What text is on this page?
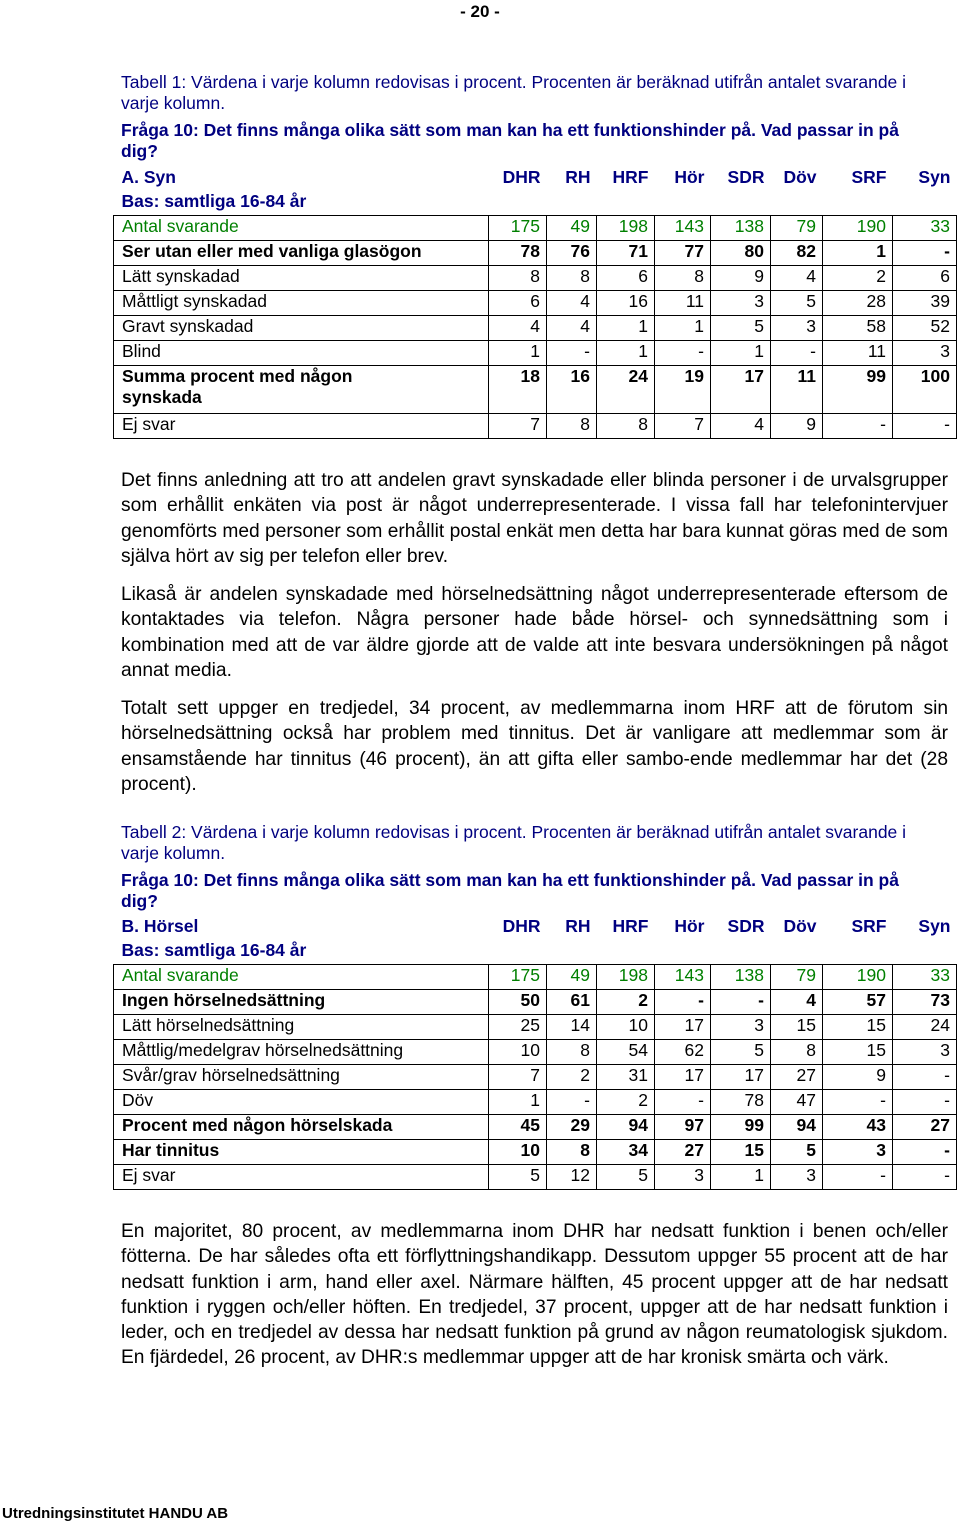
- 20 -
Tabell 1: Värdena i varje kolumn redovisas i procent. Procenten är beräknad utifrån antalet svarande i varje kolumn.
Fråga 10: Det finns många olika sätt som man kan ha ett funktionshinder på. Vad passar in på dig?
A. Syn	DHR	RH	HRF	Hör	SDR	Döv	SRF	Syn
Bas: samtliga 16-84 år								
Antal svarande	175	49	198	143	138	79	190	33
Ser utan eller med vanliga glasögon	78	76	71	77	80	82	1	-
Lätt synskadad	8	8	6	8	9	4	2	6
Måttligt synskadad	6	4	16	11	3	5	28	39
Gravt synskadad	4	4	1	1	5	3	58	52
Blind	1	-	1	-	1	-	11	3

Summa procent med någon synskada	18	16	24	19	17	11	99	100
Ej svar	7	8	8	7	4	9	-	-

Det finns anledning att tro att andelen gravt synskadade eller blinda personer i de urvalsgrupper som erhållit enkäten via post är något underrepresenterade. I vissa fall har telefonintervjuer genomförts med personer som erhållit postal enkät men detta har bara kunnat göras med de som själva hört av sig per telefon eller brev.

Likaså är andelen synskadade med hörselnedsättning något underrepresenterade eftersom de kontaktades via telefon. Några personer hade både hörsel- och synnedsättning som i kombination med att de var äldre gjorde att de valde att inte besvara undersökningen på något annat media.

Totalt sett uppger en tredjedel, 34 procent, av medlemmarna inom HRF att de förutom sin hörselnedsättning också har problem med tinnitus. Det är vanligare att medlemmar som är ensamstående har tinnitus (46 procent), än att gifta eller sambo-ende medlemmar har det (28 procent).

Tabell 2: Värdena i varje kolumn redovisas i procent. Procenten är beräknad utifrån antalet svarande i varje kolumn.
Fråga 10: Det finns många olika sätt som man kan ha ett funktionshinder på. Vad passar in på dig?
B. Hörsel	DHR	RH	HRF	Hör	SDR	Döv	SRF	Syn
Bas: samtliga 16-84 år								
Antal svarande	175	49	198	143	138	79	190	33
Ingen hörselnedsättning	50	61	2	-	-	4	57	73
Lätt hörselnedsättning	25	14	10	17	3	15	15	24
Måttlig/medelgrav hörselnedsättning	10	8	54	62	5	8	15	3
Svår/grav hörselnedsättning	7	2	31	17	17	27	9	-
Döv	1	-	2	-	78	47	-	-
Procent med någon hörselskada	45	29	94	97	99	94	43	27
Har tinnitus	10	8	34	27	15	5	3	-
Ej svar	5	12	5	3	1	3	-	-

En majoritet, 80 procent, av medlemmarna inom DHR har nedsatt funktion i benen och/eller fötterna. De har således ofta ett förflyttningshandikapp. Dessutom uppger 55 procent att de har nedsatt funktion i arm, hand eller axel. Närmare hälften, 45 procent uppger att de har nedsatt funktion i ryggen och/eller höften. En tredjedel, 37 procent, uppger att de har nedsatt funktion i leder, och en tredjedel av dessa har nedsatt funktion på grund av någon reumatologisk sjukdom. En fjärdedel, 26 procent, av DHR:s medlemmar uppger att de har kronisk smärta och värk.

Utredningsinstitutet HANDU AB
